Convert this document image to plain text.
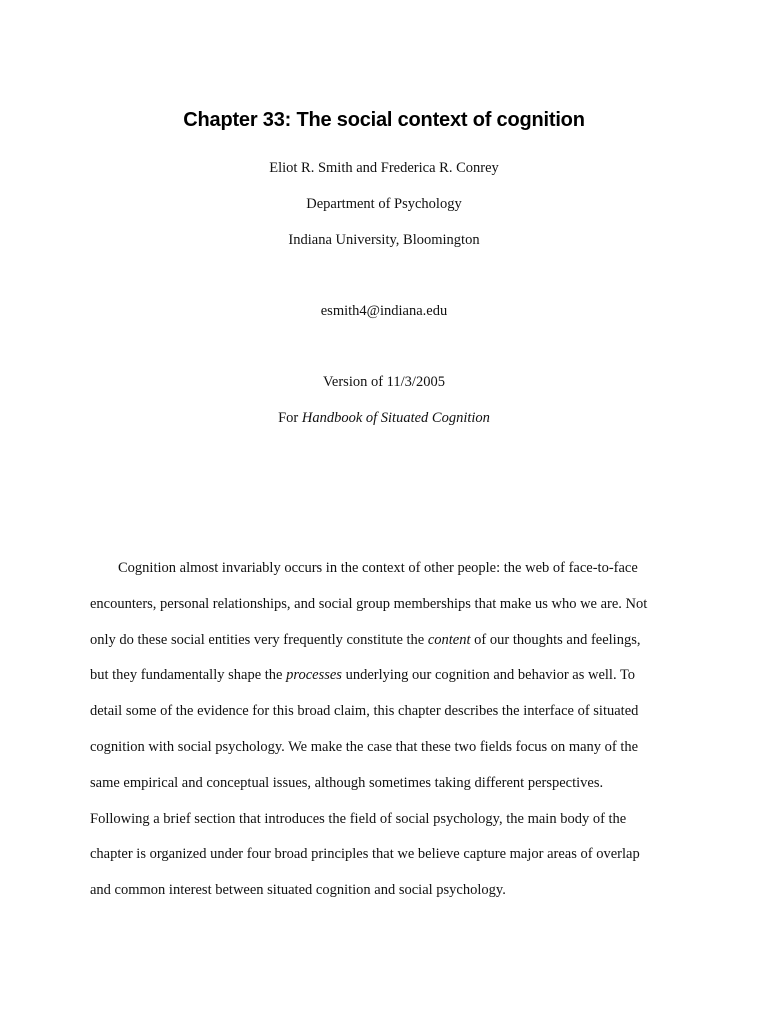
Chapter 33: The social context of cognition
Eliot R. Smith and Frederica R. Conrey
Department of Psychology
Indiana University, Bloomington
esmith4@indiana.edu
Version of 11/3/2005
For Handbook of Situated Cognition
Cognition almost invariably occurs in the context of other people: the web of face-to-face
encounters, personal relationships, and social group memberships that make us who we are. Not
only do these social entities very frequently constitute the content of our thoughts and feelings,
but they fundamentally shape the processes underlying our cognition and behavior as well. To
detail some of the evidence for this broad claim, this chapter describes the interface of situated
cognition with social psychology. We make the case that these two fields focus on many of the
same empirical and conceptual issues, although sometimes taking different perspectives.
Following a brief section that introduces the field of social psychology, the main body of the
chapter is organized under four broad principles that we believe capture major areas of overlap
and common interest between situated cognition and social psychology.
